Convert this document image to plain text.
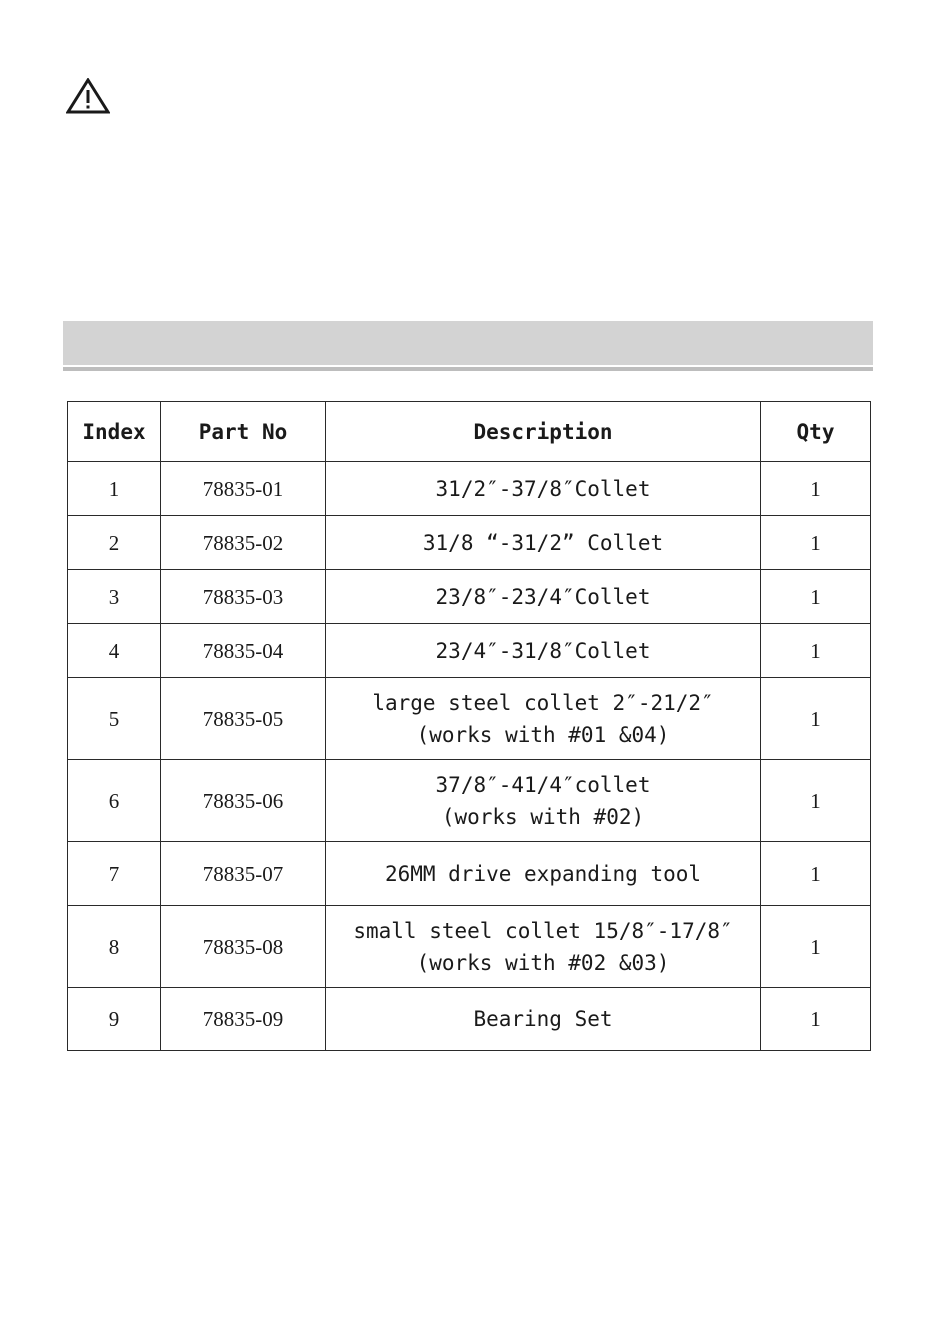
Index	Part No	Description	Qty
1	78835-01	31/2″-37/8″Collet	1
2	78835-02	31/8 “-31/2” Collet	1
3	78835-03	23/8″-23/4″Collet	1
4	78835-04	23/4″-31/8″Collet	1
5	78835-05	large steel collet 2″-21/2″
(works with #01 &04)	1
6	78835-06	37/8″-41/4″collet
(works with #02)	1
7	78835-07	26MM drive expanding tool	1
8	78835-08	small steel collet 15/8″-17/8″
(works with #02 &03)	1
9	78835-09	Bearing Set	1
